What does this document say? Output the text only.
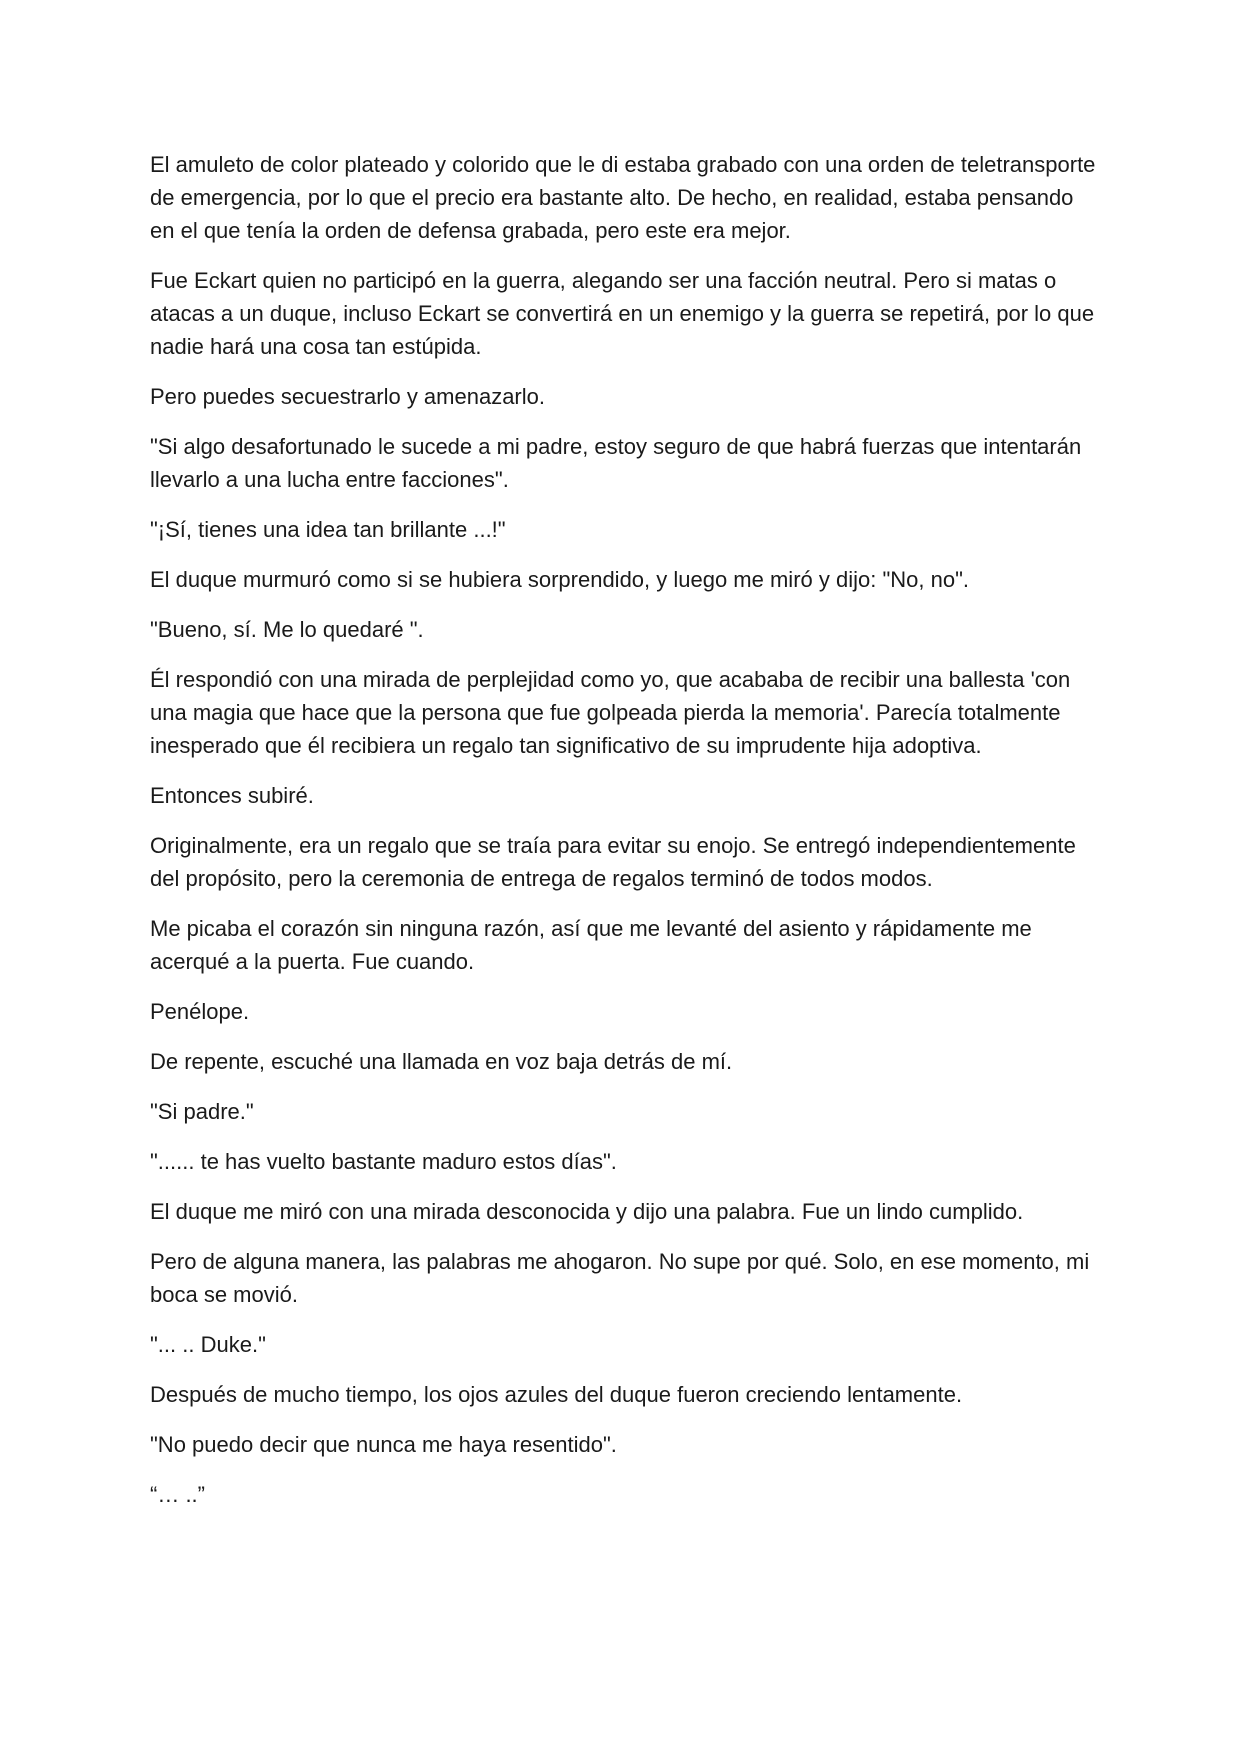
El amuleto de color plateado y colorido que le di estaba grabado con una orden de teletransporte de emergencia, por lo que el precio era bastante alto. De hecho, en realidad, estaba pensando en el que tenía la orden de defensa grabada, pero este era mejor.

Fue Eckart quien no participó en la guerra, alegando ser una facción neutral. Pero si matas o atacas a un duque, incluso Eckart se convertirá en un enemigo y la guerra se repetirá, por lo que nadie hará una cosa tan estúpida.

Pero puedes secuestrarlo y amenazarlo.

"Si algo desafortunado le sucede a mi padre, estoy seguro de que habrá fuerzas que intentarán llevarlo a una lucha entre facciones".

"¡Sí, tienes una idea tan brillante ...!"

El duque murmuró como si se hubiera sorprendido, y luego me miró y dijo: "No, no".

"Bueno, sí. Me lo quedaré ".

Él respondió con una mirada de perplejidad como yo, que acababa de recibir una ballesta 'con una magia que hace que la persona que fue golpeada pierda la memoria'. Parecía totalmente inesperado que él recibiera un regalo tan significativo de su imprudente hija adoptiva.

Entonces subiré.

Originalmente, era un regalo que se traía para evitar su enojo. Se entregó independientemente del propósito, pero la ceremonia de entrega de regalos terminó de todos modos.

Me picaba el corazón sin ninguna razón, así que me levanté del asiento y rápidamente me acerqué a la puerta. Fue cuando.

Penélope.

De repente, escuché una llamada en voz baja detrás de mí.

"Si padre."

"...... te has vuelto bastante maduro estos días".

El duque me miró con una mirada desconocida y dijo una palabra. Fue un lindo cumplido.

Pero de alguna manera, las palabras me ahogaron. No supe por qué. Solo, en ese momento, mi boca se movió.

"... .. Duke."

Después de mucho tiempo, los ojos azules del duque fueron creciendo lentamente.

"No puedo decir que nunca me haya resentido".

“… ..”
